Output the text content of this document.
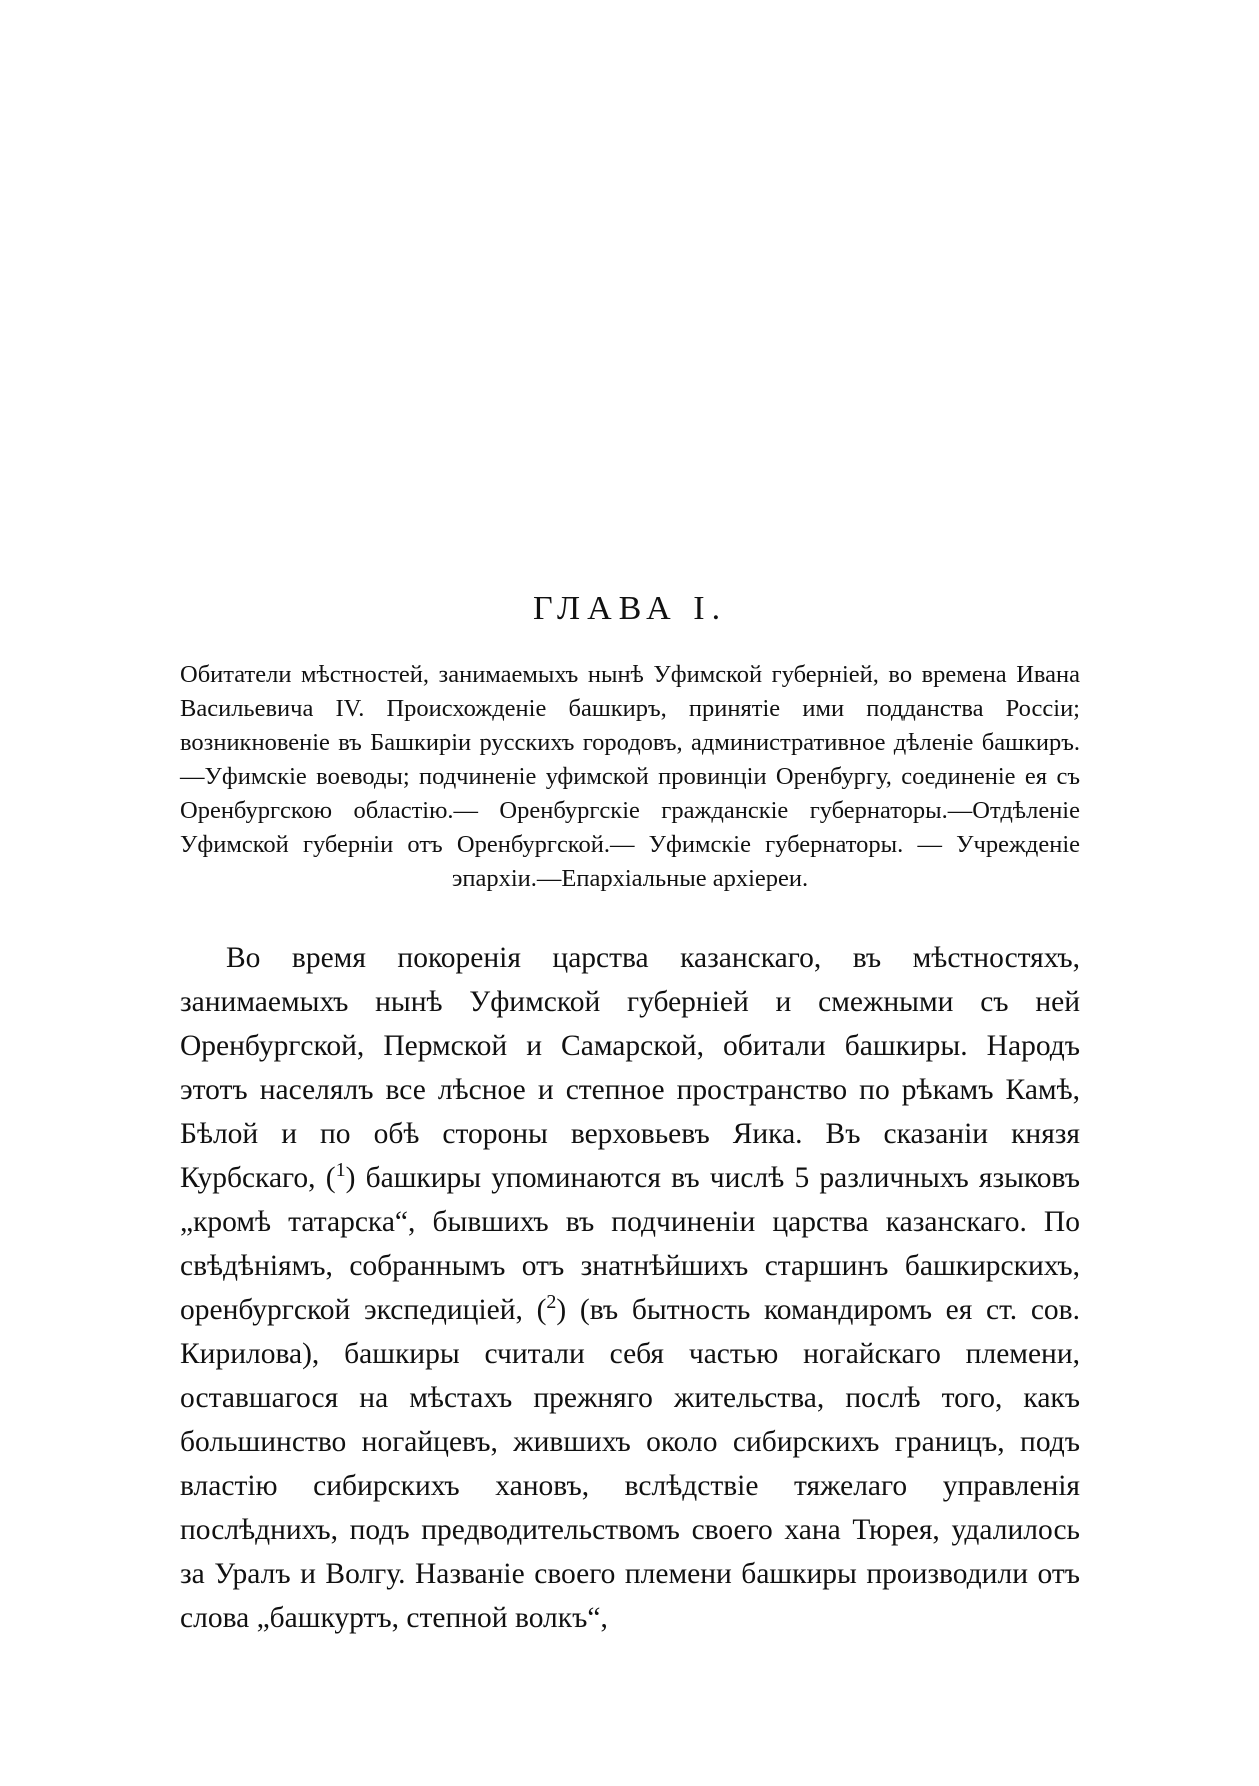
ГЛАВА I.

Обитатели мѣстностей, занимаемыхъ нынѣ Уфимской губерніей, во времена Ивана Васильевича IV. Происхожденіе башкиръ, принятіе ими подданства Россіи; возникновеніе въ Башкиріи русскихъ городовъ, административное дѣленіе башкиръ.—Уфимскіе воеводы; подчиненіе уфимской провинціи Оренбургу, соединеніе ея съ Оренбургскою областію.— Оренбургскіе гражданскіе губернаторы.—Отдѣленіе Уфимской губерніи отъ Оренбургской.— Уфимскіе губернаторы. — Учрежденіе эпархіи.—Епархіальные архіереи.

Во время покоренія царства казанскаго, въ мѣстностяхъ, занимаемыхъ нынѣ Уфимской губерніей и смежными съ ней Оренбургской, Пермской и Самарской, обитали башкиры. Народъ этотъ населялъ все лѣсное и степное пространство по рѣкамъ Камѣ, Бѣлой и по обѣ стороны верховьевъ Яика. Въ сказаніи князя Курбскаго, ($^1$) башкиры упоминаются въ числѣ 5 различныхъ языковъ „кромѣ татарска“, бывшихъ въ подчиненіи царства казанскаго. По свѣдѣніямъ, собраннымъ отъ знатнѣйшихъ старшинъ башкирскихъ, оренбургской экспедиціей, ($^2$) (въ бытность командиромъ ея ст. сов. Кирилова), башкиры считали себя частью ногайскаго племени, оставшагося на мѣстахъ прежняго жительства, послѣ того, какъ большинство ногайцевъ, жившихъ около сибирскихъ границъ, подъ властію сибирскихъ хановъ, вслѣдствіе тяжелаго управленія послѣднихъ, подъ предводительствомъ своего хана Тюрея, удалилось за Уралъ и Волгу. Названіе своего племени башкиры производили отъ слова „башкуртъ, степной волкъ“,
